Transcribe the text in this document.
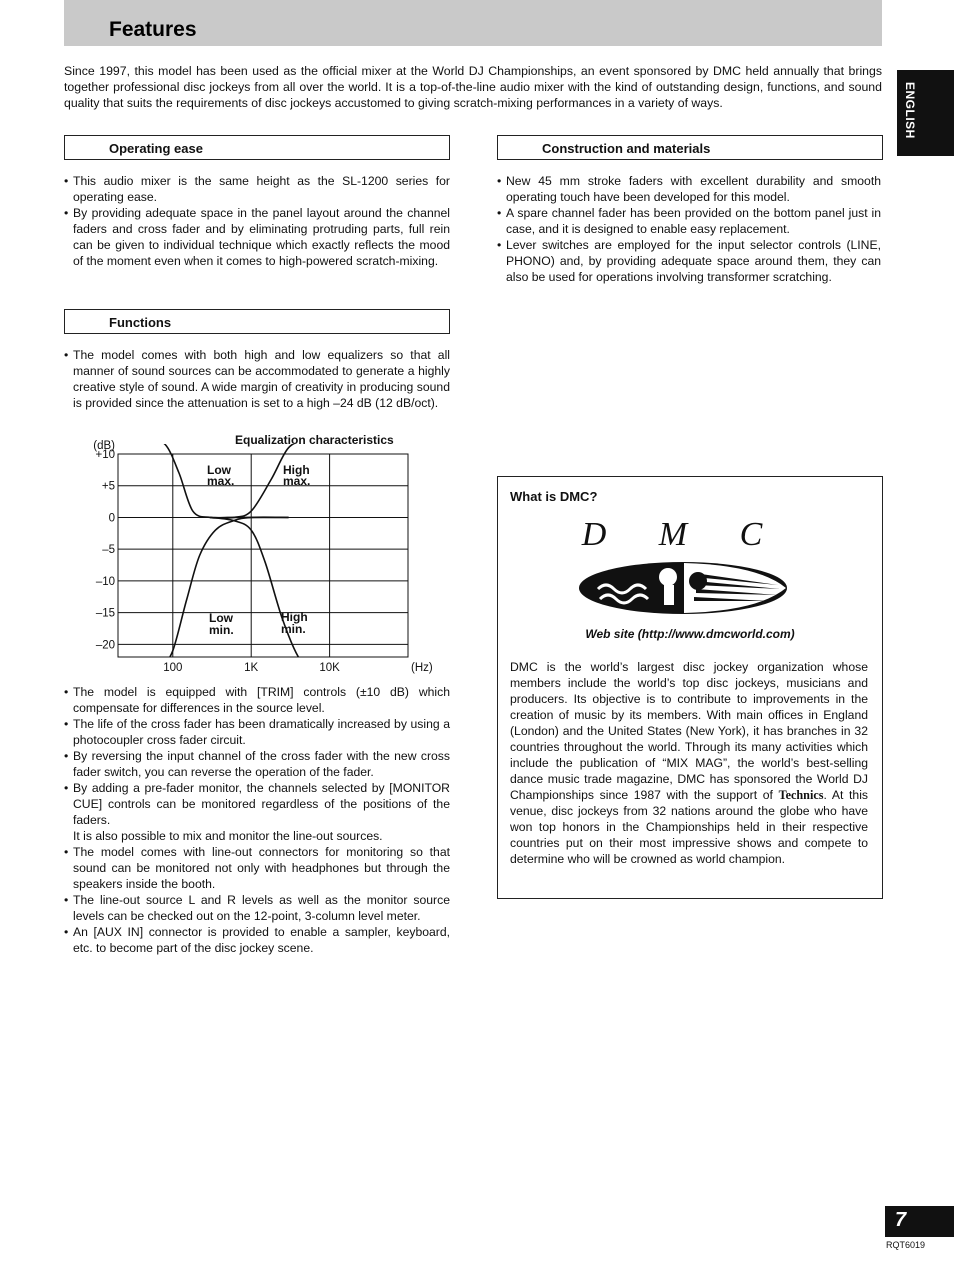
Features
ENGLISH

Since 1997, this model has been used as the official mixer at the World DJ Championships, an event sponsored by DMC held annually that brings together professional disc jockeys from all over the world. It is a top-of-the-line audio mixer with the kind of outstanding design, functions, and sound quality that suits the requirements of disc jockeys accustomed to giving scratch-mixing performances in a variety of ways.

Operating ease
• This audio mixer is the same height as the SL-1200 series for operating ease.
• By providing adequate space in the panel layout around the channel faders and cross fader and by eliminating protruding parts, full rein can be given to individual technique which exactly reflects the mood of the moment even when it comes to high-powered scratch-mixing.
Functions
• The model comes with both high and low equalizers so that all manner of sound sources can be accommodated to generate a highly creative style of sound. A wide margin of creativity in producing sound is provided since the attenuation is set to a high –24 dB (12 dB/oct).
Equalization characteristics
+10
+5
0
–5
–10
–15
–20
100	1K	10K
(dB)
(Hz)
Low
max.
High
max.
Low
min.
High
min.
• The model is equipped with [TRIM] controls (±10 dB) which compensate for differences in the source level.
• The life of the cross fader has been dramatically increased by using a photocoupler cross fader circuit.
• By reversing the input channel of the cross fader with the new cross fader switch, you can reverse the operation of the fader.
• By adding a pre-fader monitor, the channels selected by [MONITOR CUE] controls can be monitored regardless of the positions of the faders.
It is also possible to mix and monitor the line-out sources.
• The model comes with line-out connectors for monitoring so that sound can be monitored not only with headphones but through the speakers inside the booth.
• The line-out source L and R levels as well as the monitor source levels can be checked out on the 12-point, 3-column level meter.
• An [AUX IN] connector is provided to enable a sampler, keyboard, etc. to become part of the disc jockey scene.
Construction and materials
• New 45 mm stroke faders with excellent durability and smooth operating touch have been developed for this model.
• A spare channel fader has been provided on the bottom panel just in case, and it is designed to enable easy replacement.
• Lever switches are employed for the input selector controls (LINE, PHONO) and, by providing adequate space around them, they can also be used for operations involving transformer scratching.
What is DMC?
D M C
Web site (http://www.dmcworld.com)

DMC is the world’s largest disc jockey organization whose members include the world’s top disc jockeys, musicians and producers. Its objective is to contribute to improvements in the creation of music by its members. With main offices in England (London) and the United States (New York), it has branches in 32 countries throughout the world. Through its many activities which include the publication of “MIX MAG”, the world’s best-selling dance music trade magazine, DMC has sponsored the World DJ Championships since 1987 with the support of Technics. At this venue, disc jockeys from 32 nations around the globe who have won top honors in the Championships held in their respective countries put on their most impressive shows and compete to determine who will be crowned as world champion.

7
RQT6019
